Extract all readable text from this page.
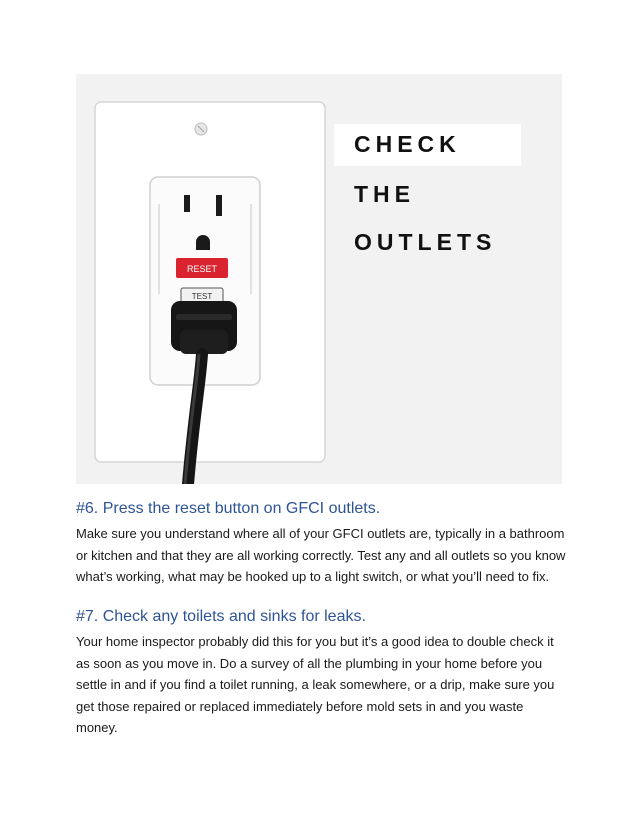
RESET
TEST
CHECK
THE
OUTLETS
#6. Press the reset button on GFCI outlets.

Make sure you understand where all of your GFCI outlets are, typically in a bathroom or kitchen and that they are all working correctly. Test any and all outlets so you know what’s working, what may be hooked up to a light switch, or what you’ll need to fix.

#7. Check any toilets and sinks for leaks.

Your home inspector probably did this for you but it’s a good idea to double check it as soon as you move in. Do a survey of all the plumbing in your home before you settle in and if you find a toilet running, a leak somewhere, or a drip, make sure you get those repaired or replaced immediately before mold sets in and you waste money.
